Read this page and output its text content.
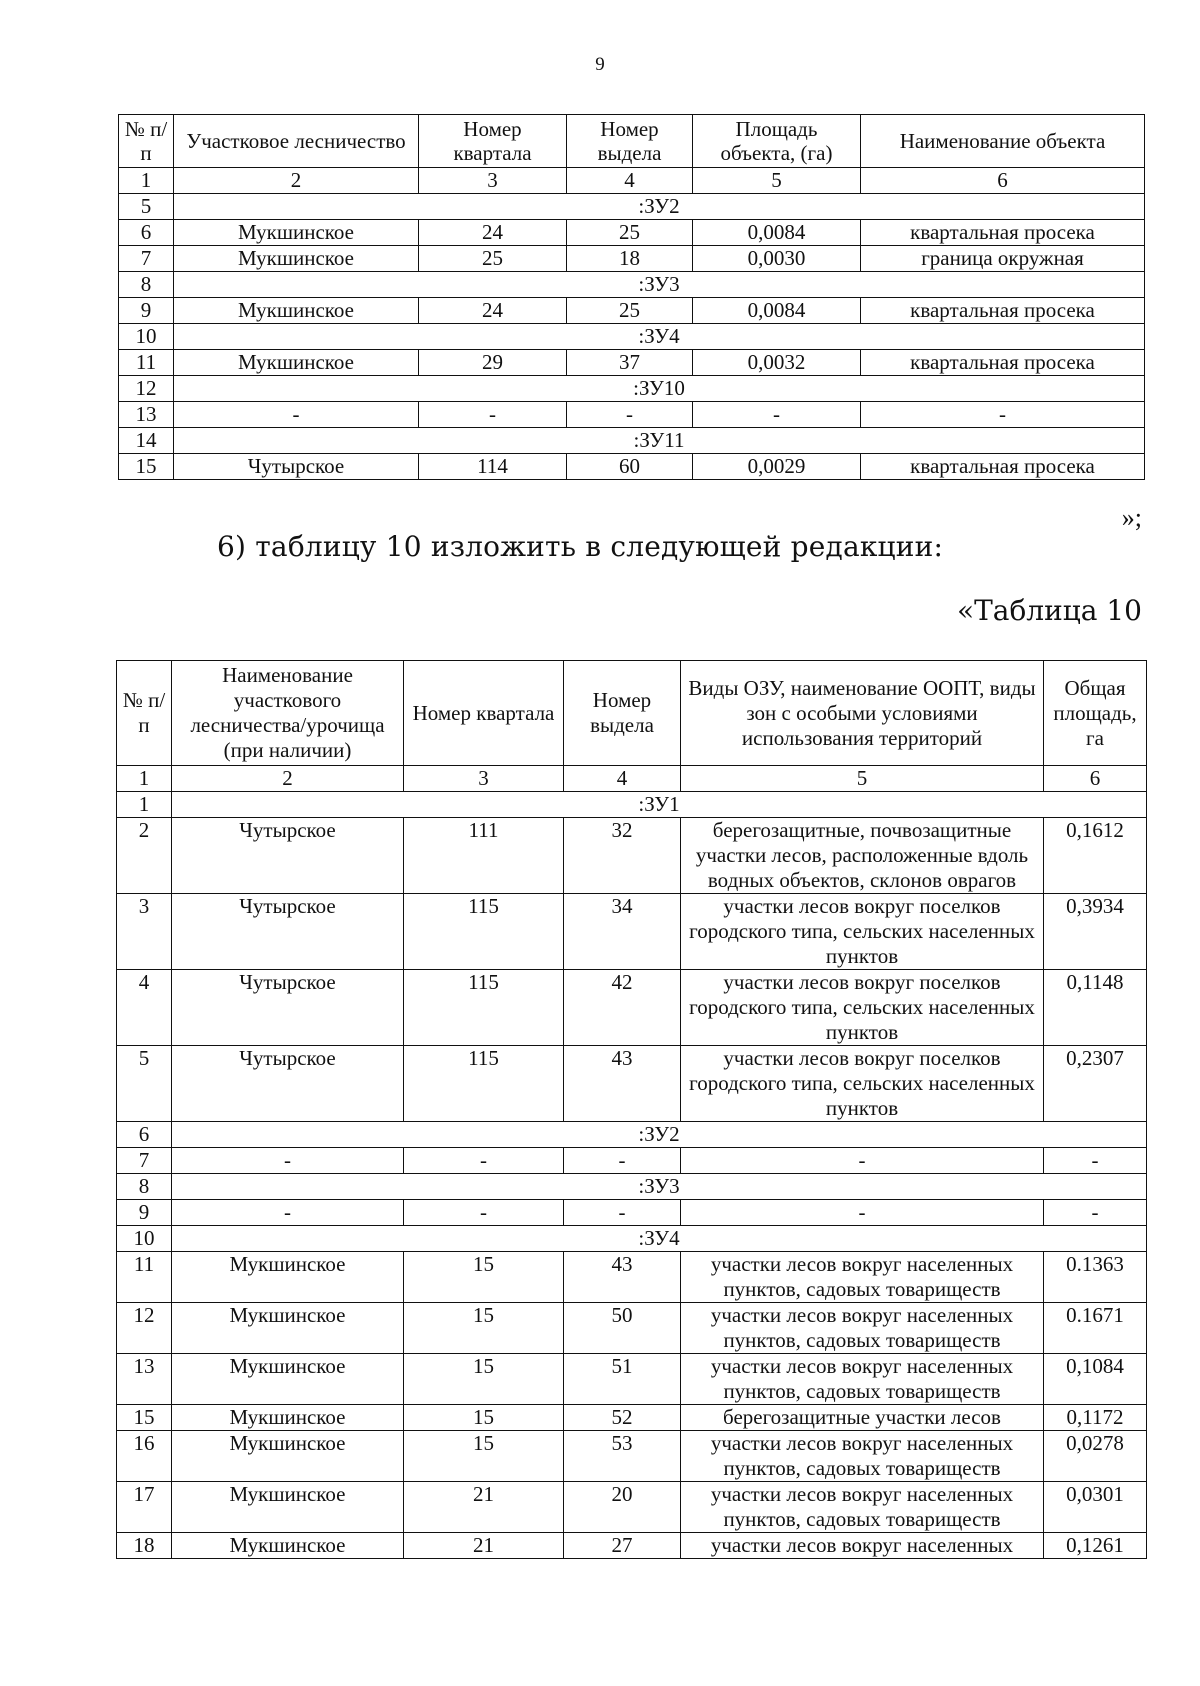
9
№ п/п	Участковое лесничество	Номер квартала	Номер выдела	Площадь объекта, (га)	Наименование объекта
1	2	3	4	5	6
5	:ЗУ2				
6	Мукшинское	24	25	0,0084	квартальная просека
7	Мукшинское	25	18	0,0030	граница окружная
8	:ЗУ3				
9	Мукшинское	24	25	0,0084	квартальная просека
10	:ЗУ4				
11	Мукшинское	29	37	0,0032	квартальная просека
12	:ЗУ10				
13	-	-	-	-	-
14	:ЗУ11				
15	Чутырское	114	60	0,0029	квартальная просека
»;
6) таблицу 10 изложить в следующей редакции:
«Таблица 10
№ п/п	Наименование участкового лесничества/урочища (при наличии)	Номер квартала	Номер выдела	Виды ОЗУ, наименование ООПТ, виды зон с особыми условиями использования территорий	Общая площадь, га
1	2	3	4	5	6
1	:ЗУ1				
2	Чутырское	111	32	берегозащитные, почвозащитные участки лесов, расположенные вдоль водных объектов, склонов оврагов	0,1612
3	Чутырское	115	34	участки лесов вокруг поселков городского типа, сельских населенных пунктов	0,3934
4	Чутырское	115	42	участки лесов вокруг поселков городского типа, сельских населенных пунктов	0,1148
5	Чутырское	115	43	участки лесов вокруг поселков городского типа, сельских населенных пунктов	0,2307
6	:ЗУ2				
7	-	-	-	-	-
8	:ЗУ3				
9	-	-	-	-	-
10	:ЗУ4				
11	Мукшинское	15	43	участки лесов вокруг населенных пунктов, садовых товариществ	0.1363
12	Мукшинское	15	50	участки лесов вокруг населенных пунктов, садовых товариществ	0.1671
13	Мукшинское	15	51	участки лесов вокруг населенных пунктов, садовых товариществ	0,1084
15	Мукшинское	15	52	берегозащитные участки лесов	0,1172
16	Мукшинское	15	53	участки лесов вокруг населенных пунктов, садовых товариществ	0,0278
17	Мукшинское	21	20	участки лесов вокруг населенных пунктов, садовых товариществ	0,0301
18	Мукшинское	21	27	участки лесов вокруг населенных	0,1261
